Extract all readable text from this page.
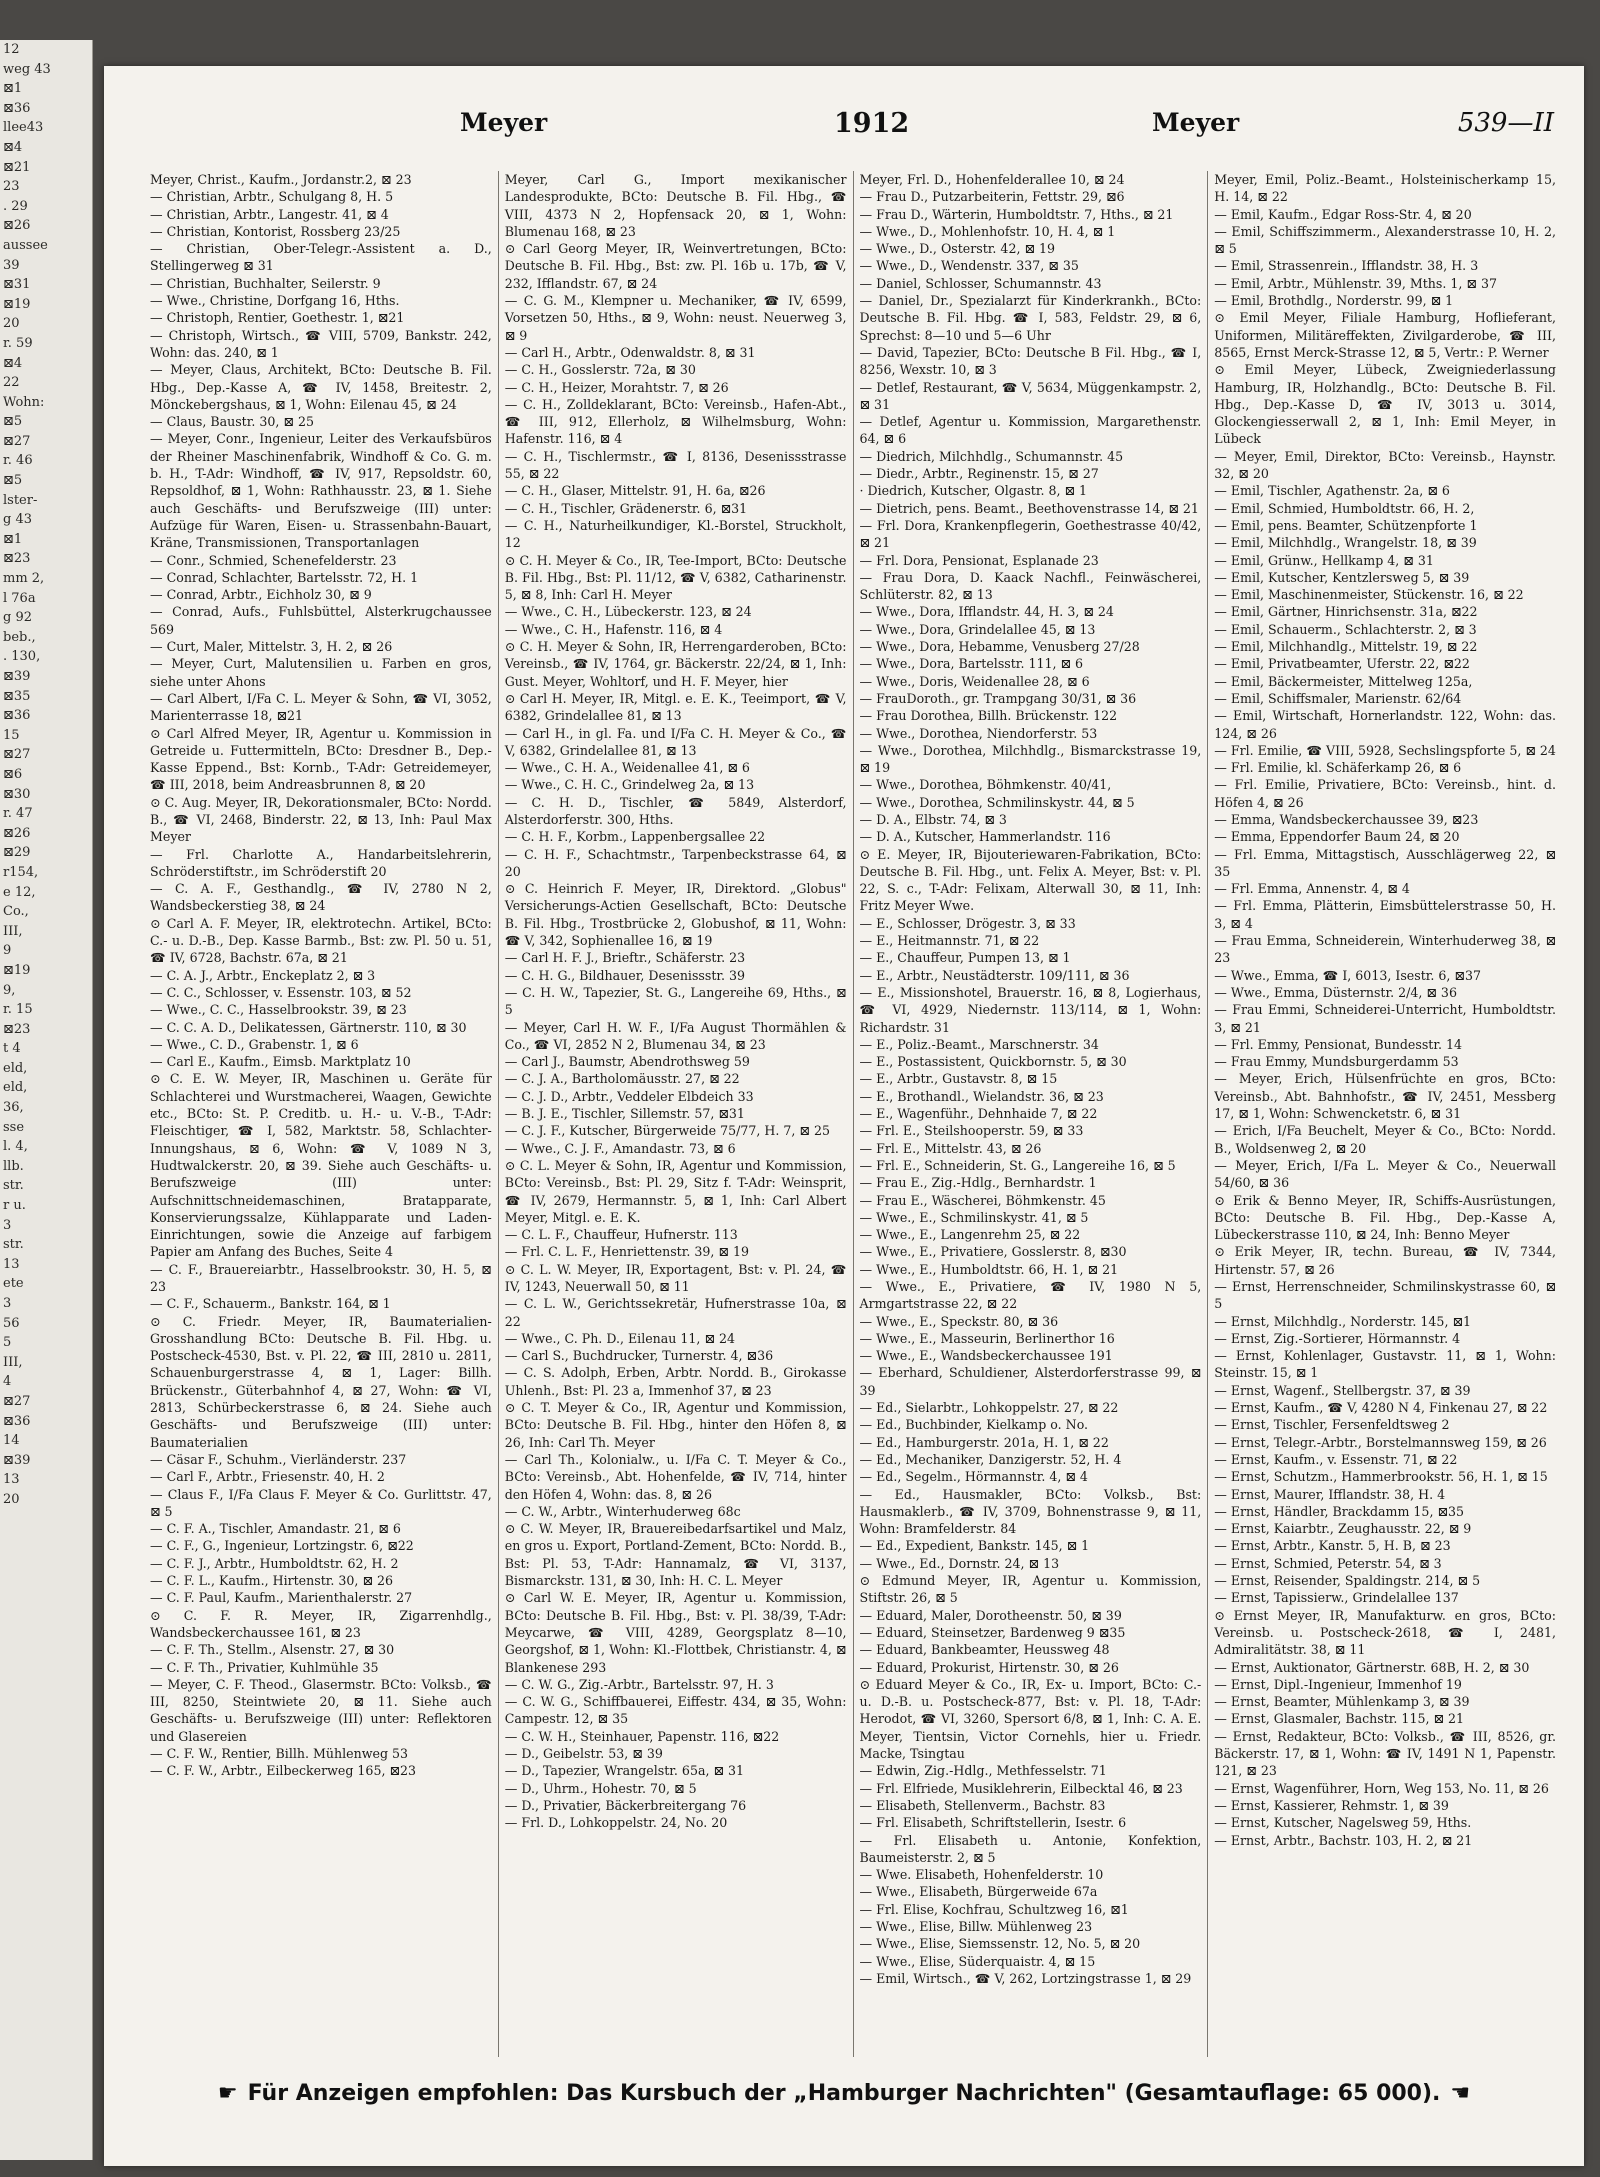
12
weg 43
⊠1
⊠36
llee43
⊠4
⊠21
23
. 29
⊠26
aussee
39
⊠31
⊠19
20
r. 59
⊠4
22
Wohn:
⊠5
⊠27
r. 46
⊠5
lster-
g 43
⊠1
⊠23
mm 2,
l 76a
g 92
beb.,
. 130,
⊠39
⊠35
⊠36
15
⊠27
⊠6
⊠30
r. 47
⊠26
⊠29
r154,
e 12,
Co.,
III,
9
⊠19
9,
r. 15
⊠23
t 4
eld,
eld,
36,
sse
l. 4,
llb.
str.
r u.
3
str.
13
ete
3
56
5
III,
4
⊠27
⊠36
14
⊠39
13
20
Meyer	1912	Meyer	539—II

Meyer, Christ., Kaufm., Jordanstr.2, ⊠ 23

— Christian, Arbtr., Schulgang 8, H. 5

— Christian, Arbtr., Langestr. 41, ⊠ 4

— Christian, Kontorist, Rossberg 23/25

— Christian, Ober-Telegr.-Assistent a. D., Stellingerweg ⊠ 31

— Christian, Buchhalter, Seilerstr. 9

— Wwe., Christine, Dorfgang 16, Hths.

— Christoph, Rentier, Goethestr. 1, ⊠21

— Christoph, Wirtsch., ☎ VIII, 5709, Bankstr. 242, Wohn: das. 240, ⊠ 1

— Meyer, Claus, Architekt, BCto: Deutsche B. Fil. Hbg., Dep.-Kasse A, ☎ IV, 1458, Breitestr. 2, Mönckebergshaus, ⊠ 1, Wohn: Eilenau 45, ⊠ 24

— Claus, Baustr. 30, ⊠ 25

— Meyer, Conr., Ingenieur, Leiter des Verkaufsbüros der Rheiner Maschinenfabrik, Windhoff & Co. G. m. b. H., T-Adr: Windhoff, ☎ IV, 917, Repsoldstr. 60, Repsoldhof, ⊠ 1, Wohn: Rathhausstr. 23, ⊠ 1. Siehe auch Geschäfts- und Berufszweige (III) unter: Aufzüge für Waren, Eisen- u. Strassenbahn-Bauart, Kräne, Transmissionen, Transportanlagen

— Conr., Schmied, Schenefelderstr. 23

— Conrad, Schlachter, Bartelsstr. 72, H. 1

— Conrad, Arbtr., Eichholz 30, ⊠ 9

— Conrad, Aufs., Fuhlsbüttel, Alsterkrugchaussee 569

— Curt, Maler, Mittelstr. 3, H. 2, ⊠ 26

— Meyer, Curt, Malutensilien u. Farben en gros, siehe unter Ahons

— Carl Albert, I/Fa C. L. Meyer & Sohn, ☎ VI, 3052, Marienterrasse 18, ⊠21

⊙ Carl Alfred Meyer, IR, Agentur u. Kommission in Getreide u. Futtermitteln, BCto: Dresdner B., Dep.-Kasse Eppend., Bst: Kornb., T-Adr: Getreidemeyer, ☎ III, 2018, beim Andreasbrunnen 8, ⊠ 20

⊙ C. Aug. Meyer, IR, Dekorationsmaler, BCto: Nordd. B., ☎ VI, 2468, Binderstr. 22, ⊠ 13, Inh: Paul Max Meyer

— Frl. Charlotte A., Handarbeitslehrerin, Schröderstiftstr., im Schröderstift 20

— C. A. F., Gesthandlg., ☎ IV, 2780 N 2, Wandsbeckerstieg 38, ⊠ 24

⊙ Carl A. F. Meyer, IR, elektrotechn. Artikel, BCto: C.- u. D.-B., Dep. Kasse Barmb., Bst: zw. Pl. 50 u. 51, ☎ IV, 6728, Bachstr. 67a, ⊠ 21

— C. A. J., Arbtr., Enckeplatz 2, ⊠ 3

— C. C., Schlosser, v. Essenstr. 103, ⊠ 52

— Wwe., C. C., Hasselbrookstr. 39, ⊠ 23

— C. C. A. D., Delikatessen, Gärtnerstr. 110, ⊠ 30

— Wwe., C. D., Grabenstr. 1, ⊠ 6

— Carl E., Kaufm., Eimsb. Marktplatz 10

⊙ C. E. W. Meyer, IR, Maschinen u. Geräte für Schlachterei und Wurstmacherei, Waagen, Gewichte etc., BCto: St. P. Creditb. u. H.- u. V.-B., T-Adr: Fleischtiger, ☎ I, 582, Marktstr. 58, Schlachter-Innungshaus, ⊠ 6, Wohn: ☎ V, 1089 N 3, Hudtwalckerstr. 20, ⊠ 39. Siehe auch Geschäfts- u. Berufszweige (III) unter: Aufschnittschneidemaschinen, Bratapparate, Konservierungssalze, Kühlapparate und Laden-Einrichtungen, sowie die Anzeige auf farbigem Papier am Anfang des Buches, Seite 4

— C. F., Brauereiarbtr., Hasselbrookstr. 30, H. 5, ⊠ 23

— C. F., Schauerm., Bankstr. 164, ⊠ 1

⊙ C. Friedr. Meyer, IR, Baumaterialien-Grosshandlung BCto: Deutsche B. Fil. Hbg. u. Postscheck-4530, Bst. v. Pl. 22, ☎ III, 2810 u. 2811, Schauenburgerstrasse 4, ⊠ 1, Lager: Billh. Brückenstr., Güterbahnhof 4, ⊠ 27, Wohn: ☎ VI, 2813, Schürbeckerstrasse 6, ⊠ 24. Siehe auch Geschäfts- und Berufszweige (III) unter: Baumaterialien

— Cäsar F., Schuhm., Vierländerstr. 237

— Carl F., Arbtr., Friesenstr. 40, H. 2

— Claus F., I/Fa Claus F. Meyer & Co. Gurlittstr. 47, ⊠ 5

— C. F. A., Tischler, Amandastr. 21, ⊠ 6

— C. F., G., Ingenieur, Lortzingstr. 6, ⊠22

— C. F. J., Arbtr., Humboldtstr. 62, H. 2

— C. F. L., Kaufm., Hirtenstr. 30, ⊠ 26

— C. F. Paul, Kaufm., Marienthalerstr. 27

⊙ C. F. R. Meyer, IR, Zigarrenhdlg., Wandsbeckerchaussee 161, ⊠ 23

— C. F. Th., Stellm., Alsenstr. 27, ⊠ 30

— C. F. Th., Privatier, Kuhlmühle 35

— Meyer, C. F. Theod., Glasermstr. BCto: Volksb., ☎ III, 8250, Steintwiete 20, ⊠ 11. Siehe auch Geschäfts- u. Berufszweige (III) unter: Reflektoren und Glasereien

— C. F. W., Rentier, Billh. Mühlenweg 53

— C. F. W., Arbtr., Eilbeckerweg 165, ⊠23

Meyer, Carl G., Import mexikanischer Landesprodukte, BCto: Deutsche B. Fil. Hbg., ☎ VIII, 4373 N 2, Hopfensack 20, ⊠ 1, Wohn: Blumenau 168, ⊠ 23

⊙ Carl Georg Meyer, IR, Weinvertretungen, BCto: Deutsche B. Fil. Hbg., Bst: zw. Pl. 16b u. 17b, ☎ V, 232, Ifflandstr. 67, ⊠ 24

— C. G. M., Klempner u. Mechaniker, ☎ IV, 6599, Vorsetzen 50, Hths., ⊠ 9, Wohn: neust. Neuerweg 3, ⊠ 9

— Carl H., Arbtr., Odenwaldstr. 8, ⊠ 31

— C. H., Gosslerstr. 72a, ⊠ 30

— C. H., Heizer, Morahtstr. 7, ⊠ 26

— C. H., Zolldeklarant, BCto: Vereinsb., Hafen-Abt., ☎ III, 912, Ellerholz, ⊠ Wilhelmsburg, Wohn: Hafenstr. 116, ⊠ 4

— C. H., Tischlermstr., ☎ I, 8136, Desenissstrasse 55, ⊠ 22

— C. H., Glaser, Mittelstr. 91, H. 6a, ⊠26

— C. H., Tischler, Grädenerstr. 6, ⊠31

— C. H., Naturheilkundiger, Kl.-Borstel, Struckholt, 12

⊙ C. H. Meyer & Co., IR, Tee-Import, BCto: Deutsche B. Fil. Hbg., Bst: Pl. 11/12, ☎ V, 6382, Catharinenstr. 5, ⊠ 8, Inh: Carl H. Meyer

— Wwe., C. H., Lübeckerstr. 123, ⊠ 24

— Wwe., C. H., Hafenstr. 116, ⊠ 4

⊙ C. H. Meyer & Sohn, IR, Herrengarderoben, BCto: Vereinsb., ☎ IV, 1764, gr. Bäckerstr. 22/24, ⊠ 1, Inh: Gust. Meyer, Wohltorf, und H. F. Meyer, hier

⊙ Carl H. Meyer, IR, Mitgl. e. E. K., Teeimport, ☎ V, 6382, Grindelallee 81, ⊠ 13

— Carl H., in gl. Fa. und I/Fa C. H. Meyer & Co., ☎ V, 6382, Grindelallee 81, ⊠ 13

— Wwe., C. H. A., Weidenallee 41, ⊠ 6

— Wwe., C. H. C., Grindelweg 2a, ⊠ 13

— C. H. D., Tischler, ☎ 5849, Alsterdorf, Alsterdorferstr. 300, Hths.

— C. H. F., Korbm., Lappenbergsallee 22

— C. H. F., Schachtmstr., Tarpenbeckstrasse 64, ⊠ 20

⊙ C. Heinrich F. Meyer, IR, Direktord. „Globus" Versicherungs-Actien Gesellschaft, BCto: Deutsche B. Fil. Hbg., Trostbrücke 2, Globushof, ⊠ 11, Wohn: ☎ V, 342, Sophienallee 16, ⊠ 19

— Carl H. F. J., Brieftr., Schäferstr. 23

— C. H. G., Bildhauer, Desenissstr. 39

— C. H. W., Tapezier, St. G., Langereihe 69, Hths., ⊠ 5

— Meyer, Carl H. W. F., I/Fa August Thormählen & Co., ☎ VI, 2852 N 2, Blumenau 34, ⊠ 23

— Carl J., Baumstr, Abendrothsweg 59

— C. J. A., Bartholomäusstr. 27, ⊠ 22

— C. J. D., Arbtr., Veddeler Elbdeich 33

— B. J. E., Tischler, Sillemstr. 57, ⊠31

— C. J. F., Kutscher, Bürgerweide 75/77, H. 7, ⊠ 25

— Wwe., C. J. F., Amandastr. 73, ⊠ 6

⊙ C. L. Meyer & Sohn, IR, Agentur und Kommission, BCto: Vereinsb., Bst: Pl. 29, Sitz f. T-Adr: Weinsprit, ☎ IV, 2679, Hermannstr. 5, ⊠ 1, Inh: Carl Albert Meyer, Mitgl. e. E. K.

— C. L. F., Chauffeur, Hufnerstr. 113

— Frl. C. L. F., Henriettenstr. 39, ⊠ 19

⊙ C. L. W. Meyer, IR, Exportagent, Bst: v. Pl. 24, ☎ IV, 1243, Neuerwall 50, ⊠ 11

— C. L. W., Gerichtssekretär, Hufnerstrasse 10a, ⊠ 22

— Wwe., C. Ph. D., Eilenau 11, ⊠ 24

— Carl S., Buchdrucker, Turnerstr. 4, ⊠36

— C. S. Adolph, Erben, Arbtr. Nordd. B., Girokasse Uhlenh., Bst: Pl. 23 a, Immenhof 37, ⊠ 23

⊙ C. T. Meyer & Co., IR, Agentur und Kommission, BCto: Deutsche B. Fil. Hbg., hinter den Höfen 8, ⊠ 26, Inh: Carl Th. Meyer

— Carl Th., Kolonialw., u. I/Fa C. T. Meyer & Co., BCto: Vereinsb., Abt. Hohenfelde, ☎ IV, 714, hinter den Höfen 4, Wohn: das. 8, ⊠ 26

— C. W., Arbtr., Winterhuderweg 68c

⊙ C. W. Meyer, IR, Brauereibedarfsartikel und Malz, en gros u. Export, Portland-Zement, BCto: Nordd. B., Bst: Pl. 53, T-Adr: Hannamalz, ☎ VI, 3137, Bismarckstr. 131, ⊠ 30, Inh: H. C. L. Meyer

⊙ Carl W. E. Meyer, IR, Agentur u. Kommission, BCto: Deutsche B. Fil. Hbg., Bst: v. Pl. 38/39, T-Adr: Meycarwe, ☎ VIII, 4289, Georgsplatz 8—10, Georgshof, ⊠ 1, Wohn: Kl.-Flottbek, Christianstr. 4, ⊠ Blankenese 293

— C. W. G., Zig.-Arbtr., Bartelsstr. 97, H. 3

— C. W. G., Schiffbauerei, Eiffestr. 434, ⊠ 35, Wohn: Campestr. 12, ⊠ 35

— C. W. H., Steinhauer, Papenstr. 116, ⊠22

— D., Geibelstr. 53, ⊠ 39

— D., Tapezier, Wrangelstr. 65a, ⊠ 31

— D., Uhrm., Hohestr. 70, ⊠ 5

— D., Privatier, Bäckerbreitergang 76

— Frl. D., Lohkoppelstr. 24, No. 20

Meyer, Frl. D., Hohenfelderallee 10, ⊠ 24

— Frau D., Putzarbeiterin, Fettstr. 29, ⊠6

— Frau D., Wärterin, Humboldtstr. 7, Hths., ⊠ 21

— Wwe., D., Mohlenhofstr. 10, H. 4, ⊠ 1

— Wwe., D., Osterstr. 42, ⊠ 19

— Wwe., D., Wendenstr. 337, ⊠ 35

— Daniel, Schlosser, Schumannstr. 43

— Daniel, Dr., Spezialarzt für Kinderkrankh., BCto: Deutsche B. Fil. Hbg. ☎ I, 583, Feldstr. 29, ⊠ 6, Sprechst: 8—10 und 5—6 Uhr

— David, Tapezier, BCto: Deutsche B Fil. Hbg., ☎ I, 8256, Wexstr. 10, ⊠ 3

— Detlef, Restaurant, ☎ V, 5634, Müggenkampstr. 2, ⊠ 31

— Detlef, Agentur u. Kommission, Margarethenstr. 64, ⊠ 6

— Diedrich, Milchhdlg., Schumannstr. 45

— Diedr., Arbtr., Reginenstr. 15, ⊠ 27

· Diedrich, Kutscher, Olgastr. 8, ⊠ 1

— Dietrich, pens. Beamt., Beethovenstrasse 14, ⊠ 21

— Frl. Dora, Krankenpflegerin, Goethestrasse 40/42, ⊠ 21

— Frl. Dora, Pensionat, Esplanade 23

— Frau Dora, D. Kaack Nachfl., Feinwäscherei, Schlüterstr. 82, ⊠ 13

— Wwe., Dora, Ifflandstr. 44, H. 3, ⊠ 24

— Wwe., Dora, Grindelallee 45, ⊠ 13

— Wwe., Dora, Hebamme, Venusberg 27/28

— Wwe., Dora, Bartelsstr. 111, ⊠ 6

— Wwe., Doris, Weidenallee 28, ⊠ 6

— FrauDoroth., gr. Trampgang 30/31, ⊠ 36

— Frau Dorothea, Billh. Brückenstr. 122

— Wwe., Dorothea, Niendorferstr. 53

— Wwe., Dorothea, Milchhdlg., Bismarckstrasse 19, ⊠ 19

— Wwe., Dorothea, Böhmkenstr. 40/41,

— Wwe., Dorothea, Schmilinskystr. 44, ⊠ 5

— D. A., Elbstr. 74, ⊠ 3

— D. A., Kutscher, Hammerlandstr. 116

⊙ E. Meyer, IR, Bijouteriewaren-Fabrikation, BCto: Deutsche B. Fil. Hbg., unt. Felix A. Meyer, Bst: v. Pl. 22, S. c., T-Adr: Felixam, Alterwall 30, ⊠ 11, Inh: Fritz Meyer Wwe.

— E., Schlosser, Drögestr. 3, ⊠ 33

— E., Heitmannstr. 71, ⊠ 22

— E., Chauffeur, Pumpen 13, ⊠ 1

— E., Arbtr., Neustädterstr. 109/111, ⊠ 36

— E., Missionshotel, Brauerstr. 16, ⊠ 8, Logierhaus, ☎ VI, 4929, Niedernstr. 113/114, ⊠ 1, Wohn: Richardstr. 31

— E., Poliz.-Beamt., Marschnerstr. 34

— E., Postassistent, Quickbornstr. 5, ⊠ 30

— E., Arbtr., Gustavstr. 8, ⊠ 15

— E., Brothandl., Wielandstr. 36, ⊠ 23

— E., Wagenführ., Dehnhaide 7, ⊠ 22

— Frl. E., Steilshooperstr. 59, ⊠ 33

— Frl. E., Mittelstr. 43, ⊠ 26

— Frl. E., Schneiderin, St. G., Langereihe 16, ⊠ 5

— Frau E., Zig.-Hdlg., Bernhardstr. 1

— Frau E., Wäscherei, Böhmkenstr. 45

— Wwe., E., Schmilinskystr. 41, ⊠ 5

— Wwe., E., Langenrehm 25, ⊠ 22

— Wwe., E., Privatiere, Gosslerstr. 8, ⊠30

— Wwe., E., Humboldtstr. 66, H. 1, ⊠ 21

— Wwe., E., Privatiere, ☎ IV, 1980 N 5, Armgartstrasse 22, ⊠ 22

— Wwe., E., Speckstr. 80, ⊠ 36

— Wwe., E., Masseurin, Berlinerthor 16

— Wwe., E., Wandsbeckerchaussee 191

— Eberhard, Schuldiener, Alsterdorferstrasse 99, ⊠ 39

— Ed., Sielarbtr., Lohkoppelstr. 27, ⊠ 22

— Ed., Buchbinder, Kielkamp o. No.

— Ed., Hamburgerstr. 201a, H. 1, ⊠ 22

— Ed., Mechaniker, Danzigerstr. 52, H. 4

— Ed., Segelm., Hörmannstr. 4, ⊠ 4

— Ed., Hausmakler, BCto: Volksb., Bst: Hausmaklerb., ☎ IV, 3709, Bohnenstrasse 9, ⊠ 11, Wohn: Bramfelderstr. 84

— Ed., Expedient, Bankstr. 145, ⊠ 1

— Wwe., Ed., Dornstr. 24, ⊠ 13

⊙ Edmund Meyer, IR, Agentur u. Kommission, Stiftstr. 26, ⊠ 5

— Eduard, Maler, Dorotheenstr. 50, ⊠ 39

— Eduard, Steinsetzer, Bardenweg 9 ⊠35

— Eduard, Bankbeamter, Heussweg 48

— Eduard, Prokurist, Hirtenstr. 30, ⊠ 26

⊙ Eduard Meyer & Co., IR, Ex- u. Import, BCto: C.- u. D.-B. u. Postscheck-877, Bst: v. Pl. 18, T-Adr: Herodot, ☎ VI, 3260, Spersort 6/8, ⊠ 1, Inh: C. A. E. Meyer, Tientsin, Victor Cornehls, hier u. Friedr. Macke, Tsingtau

— Edwin, Zig.-Hdlg., Methfesselstr. 71

— Frl. Elfriede, Musiklehrerin, Eilbecktal 46, ⊠ 23

— Elisabeth, Stellenverm., Bachstr. 83

— Frl. Elisabeth, Schriftstellerin, Isestr. 6

— Frl. Elisabeth u. Antonie, Konfektion, Baumeisterstr. 2, ⊠ 5

— Wwe. Elisabeth, Hohenfelderstr. 10

— Wwe., Elisabeth, Bürgerweide 67a

— Frl. Elise, Kochfrau, Schultzweg 16, ⊠1

— Wwe., Elise, Billw. Mühlenweg 23

— Wwe., Elise, Siemssenstr. 12, No. 5, ⊠ 20

— Wwe., Elise, Süderquaistr. 4, ⊠ 15

— Emil, Wirtsch., ☎ V, 262, Lortzingstrasse 1, ⊠ 29

Meyer, Emil, Poliz.-Beamt., Holsteinischerkamp 15, H. 14, ⊠ 22

— Emil, Kaufm., Edgar Ross-Str. 4, ⊠ 20

— Emil, Schiffszimmerm., Alexanderstrasse 10, H. 2, ⊠ 5

— Emil, Strassenrein., Ifflandstr. 38, H. 3

— Emil, Arbtr., Mühlenstr. 39, Mths. 1, ⊠ 37

— Emil, Brothdlg., Norderstr. 99, ⊠ 1

⊙ Emil Meyer, Filiale Hamburg, Hoflieferant, Uniformen, Militäreffekten, Zivilgarderobe, ☎ III, 8565, Ernst Merck-Strasse 12, ⊠ 5, Vertr.: P. Werner

⊙ Emil Meyer, Lübeck, Zweigniederlassung Hamburg, IR, Holzhandlg., BCto: Deutsche B. Fil. Hbg., Dep.-Kasse D, ☎ IV, 3013 u. 3014, Glockengiesserwall 2, ⊠ 1, Inh: Emil Meyer, in Lübeck

— Meyer, Emil, Direktor, BCto: Vereinsb., Haynstr. 32, ⊠ 20

— Emil, Tischler, Agathenstr. 2a, ⊠ 6

— Emil, Schmied, Humboldtstr. 66, H. 2,

— Emil, pens. Beamter, Schützenpforte 1

— Emil, Milchhdlg., Wrangelstr. 18, ⊠ 39

— Emil, Grünw., Hellkamp 4, ⊠ 31

— Emil, Kutscher, Kentzlersweg 5, ⊠ 39

— Emil, Maschinenmeister, Stückenstr. 16, ⊠ 22

— Emil, Gärtner, Hinrichsenstr. 31a, ⊠22

— Emil, Schauerm., Schlachterstr. 2, ⊠ 3

— Emil, Milchhandlg., Mittelstr. 19, ⊠ 22

— Emil, Privatbeamter, Uferstr. 22, ⊠22

— Emil, Bäckermeister, Mittelweg 125a,

— Emil, Schiffsmaler, Marienstr. 62/64

— Emil, Wirtschaft, Hornerlandstr. 122, Wohn: das. 124, ⊠ 26

— Frl. Emilie, ☎ VIII, 5928, Sechslingspforte 5, ⊠ 24

— Frl. Emilie, kl. Schäferkamp 26, ⊠ 6

— Frl. Emilie, Privatiere, BCto: Vereinsb., hint. d. Höfen 4, ⊠ 26

— Emma, Wandsbeckerchaussee 39, ⊠23

— Emma, Eppendorfer Baum 24, ⊠ 20

— Frl. Emma, Mittagstisch, Ausschlägerweg 22, ⊠ 35

— Frl. Emma, Annenstr. 4, ⊠ 4

— Frl. Emma, Plätterin, Eimsbüttelerstrasse 50, H. 3, ⊠ 4

— Frau Emma, Schneiderein, Winterhuderweg 38, ⊠ 23

— Wwe., Emma, ☎ I, 6013, Isestr. 6, ⊠37

— Wwe., Emma, Düsternstr. 2/4, ⊠ 36

— Frau Emmi, Schneiderei-Unterricht, Humboldtstr. 3, ⊠ 21

— Frl. Emmy, Pensionat, Bundesstr. 14

— Frau Emmy, Mundsburgerdamm 53

— Meyer, Erich, Hülsenfrüchte en gros, BCto: Vereinsb., Abt. Bahnhofstr., ☎ IV, 2451, Messberg 17, ⊠ 1, Wohn: Schwencketstr. 6, ⊠ 31

— Erich, I/Fa Beuchelt, Meyer & Co., BCto: Nordd. B., Woldsenweg 2, ⊠ 20

— Meyer, Erich, I/Fa L. Meyer & Co., Neuerwall 54/60, ⊠ 36

⊙ Erik & Benno Meyer, IR, Schiffs-Ausrüstungen, BCto: Deutsche B. Fil. Hbg., Dep.-Kasse A, Lübeckerstrasse 110, ⊠ 24, Inh: Benno Meyer

⊙ Erik Meyer, IR, techn. Bureau, ☎ IV, 7344, Hirtenstr. 57, ⊠ 26

— Ernst, Herrenschneider, Schmilinskystrasse 60, ⊠ 5

— Ernst, Milchhdlg., Norderstr. 145, ⊠1

— Ernst, Zig.-Sortierer, Hörmannstr. 4

— Ernst, Kohlenlager, Gustavstr. 11, ⊠ 1, Wohn: Steinstr. 15, ⊠ 1

— Ernst, Wagenf., Stellbergstr. 37, ⊠ 39

— Ernst, Kaufm., ☎ V, 4280 N 4, Finkenau 27, ⊠ 22

— Ernst, Tischler, Fersenfeldtsweg 2

— Ernst, Telegr.-Arbtr., Borstelmannsweg 159, ⊠ 26

— Ernst, Kaufm., v. Essenstr. 71, ⊠ 22

— Ernst, Schutzm., Hammerbrookstr. 56, H. 1, ⊠ 15

— Ernst, Maurer, Ifflandstr. 38, H. 4

— Ernst, Händler, Brackdamm 15, ⊠35

— Ernst, Kaiarbtr., Zeughausstr. 22, ⊠ 9

— Ernst, Arbtr., Kanstr. 5, H. B, ⊠ 23

— Ernst, Schmied, Peterstr. 54, ⊠ 3

— Ernst, Reisender, Spaldingstr. 214, ⊠ 5

— Ernst, Tapissierw., Grindelallee 137

⊙ Ernst Meyer, IR, Manufakturw. en gros, BCto: Vereinsb. u. Postscheck-2618, ☎ I, 2481, Admiralitätstr. 38, ⊠ 11

— Ernst, Auktionator, Gärtnerstr. 68B, H. 2, ⊠ 30

— Ernst, Dipl.-Ingenieur, Immenhof 19

— Ernst, Beamter, Mühlenkamp 3, ⊠ 39

— Ernst, Glasmaler, Bachstr. 115, ⊠ 21

— Ernst, Redakteur, BCto: Volksb., ☎ III, 8526, gr. Bäckerstr. 17, ⊠ 1, Wohn: ☎ IV, 1491 N 1, Papenstr. 121, ⊠ 23

— Ernst, Wagenführer, Horn, Weg 153, No. 11, ⊠ 26

— Ernst, Kassierer, Rehmstr. 1, ⊠ 39

— Ernst, Kutscher, Nagelsweg 59, Hths.

— Ernst, Arbtr., Bachstr. 103, H. 2, ⊠ 21

☛ Für Anzeigen empfohlen: Das Kursbuch der „Hamburger Nachrichten" (Gesamtauflage: 65 000). ☚
